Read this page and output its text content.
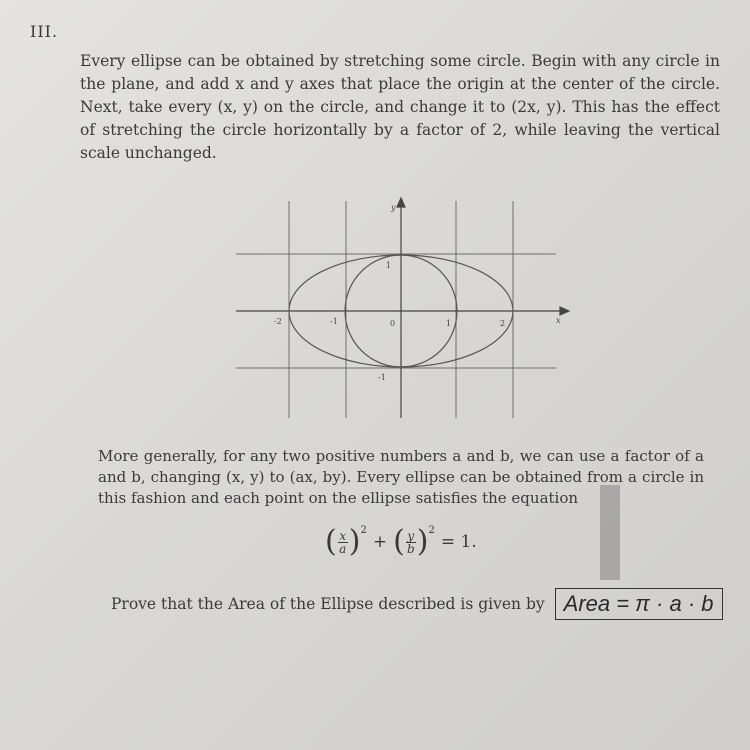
III.

Every ellipse can be obtained by stretching some circle. Begin with any circle in the plane, and add x and y axes that place the origin at the center of the circle. Next, take every (x, y) on the circle, and change it to (2x, y). This has the effect of stretching the circle horizontally by a factor of 2, while leaving the vertical scale unchanged.

y
x
-2	-1	0	1	2
1
-1

More generally, for any two positive numbers a and b, we can use a factor of a and b, changing (x, y) to (ax, by). Every ellipse can be obtained from a circle in this fashion and each point on the ellipse satisfies the equation

( $\frac{x}{a}$ ) 2
+ ( $\frac{y}{b}$ ) 2
= 1.
Prove that the Area of the Ellipse described is given by Area = π · a · b
